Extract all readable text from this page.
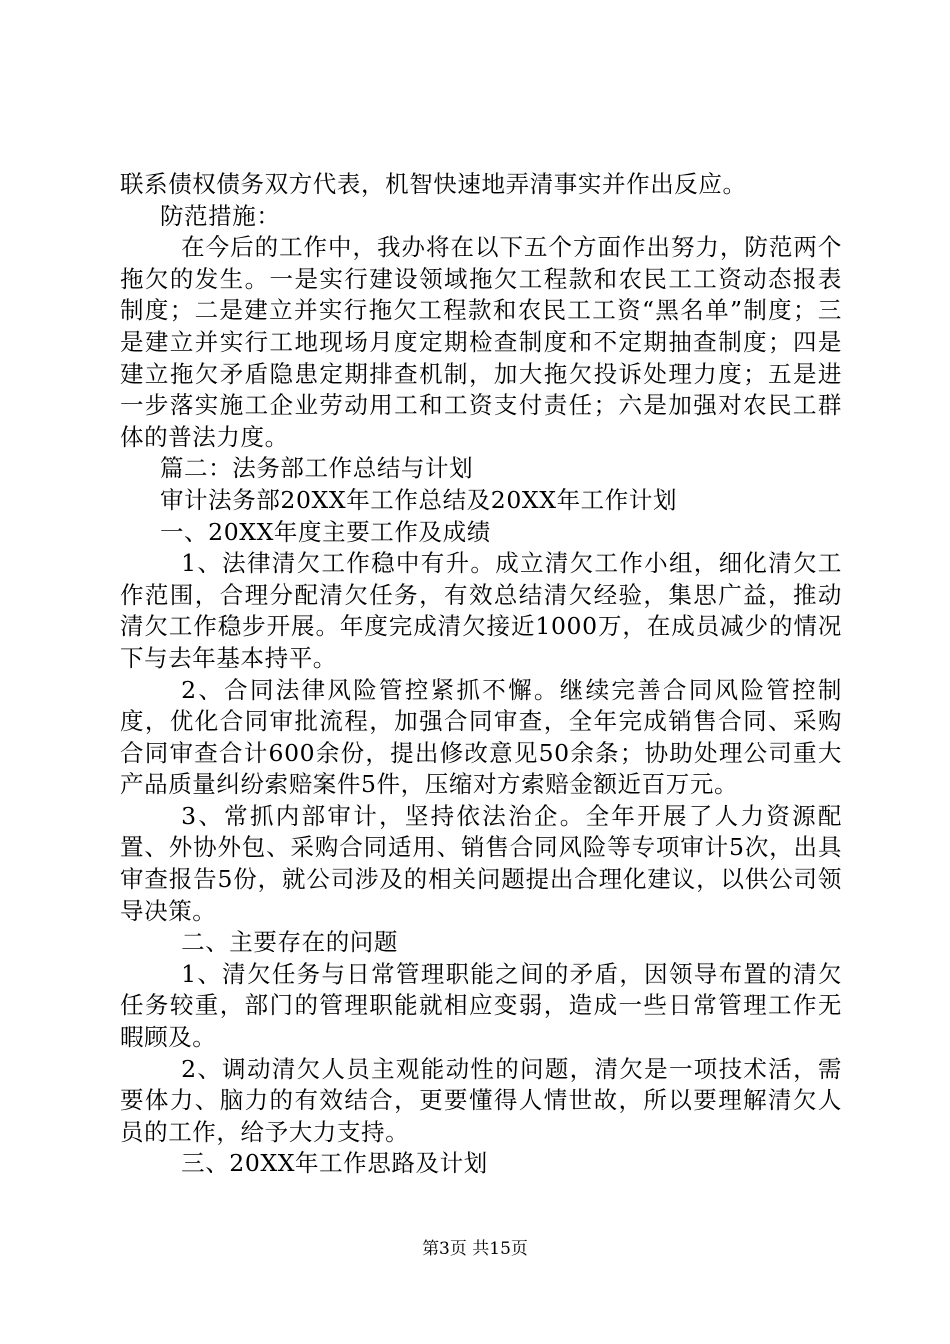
联系债权债务双方代表，机智快速地弄清事实并作出反应。

防范措施：

在今后的工作中，我办将在以下五个方面作出努力，防范两个拖欠的发生。一是实行建设领域拖欠工程款和农民工工资动态报表制度；二是建立并实行拖欠工程款和农民工工资“黑名单”制度；三是建立并实行工地现场月度定期检查制度和不定期抽查制度；四是建立拖欠矛盾隐患定期排查机制，加大拖欠投诉处理力度；五是进一步落实施工企业劳动用工和工资支付责任；六是加强对农民工群体的普法力度。

篇二：法务部工作总结与计划

审计法务部20XX年工作总结及20XX年工作计划

一、20XX年度主要工作及成绩

1、法律清欠工作稳中有升。成立清欠工作小组，细化清欠工作范围，合理分配清欠任务，有效总结清欠经验，集思广益，推动清欠工作稳步开展。年度完成清欠接近1000万，在成员减少的情况下与去年基本持平。

2、合同法律风险管控紧抓不懈。继续完善合同风险管控制度，优化合同审批流程，加强合同审查，全年完成销售合同、采购合同审查合计600余份，提出修改意见50余条；协助处理公司重大产品质量纠纷索赔案件5件，压缩对方索赔金额近百万元。

3、常抓内部审计，坚持依法治企。全年开展了人力资源配置、外协外包、采购合同适用、销售合同风险等专项审计5次，出具审查报告5份，就公司涉及的相关问题提出合理化建议，以供公司领导决策。

二、主要存在的问题

1、清欠任务与日常管理职能之间的矛盾，因领导布置的清欠任务较重，部门的管理职能就相应变弱，造成一些日常管理工作无暇顾及。

2、调动清欠人员主观能动性的问题，清欠是一项技术活，需要体力、脑力的有效结合，更要懂得人情世故，所以要理解清欠人员的工作，给予大力支持。

三、20XX年工作思路及计划

第3页 共15页
